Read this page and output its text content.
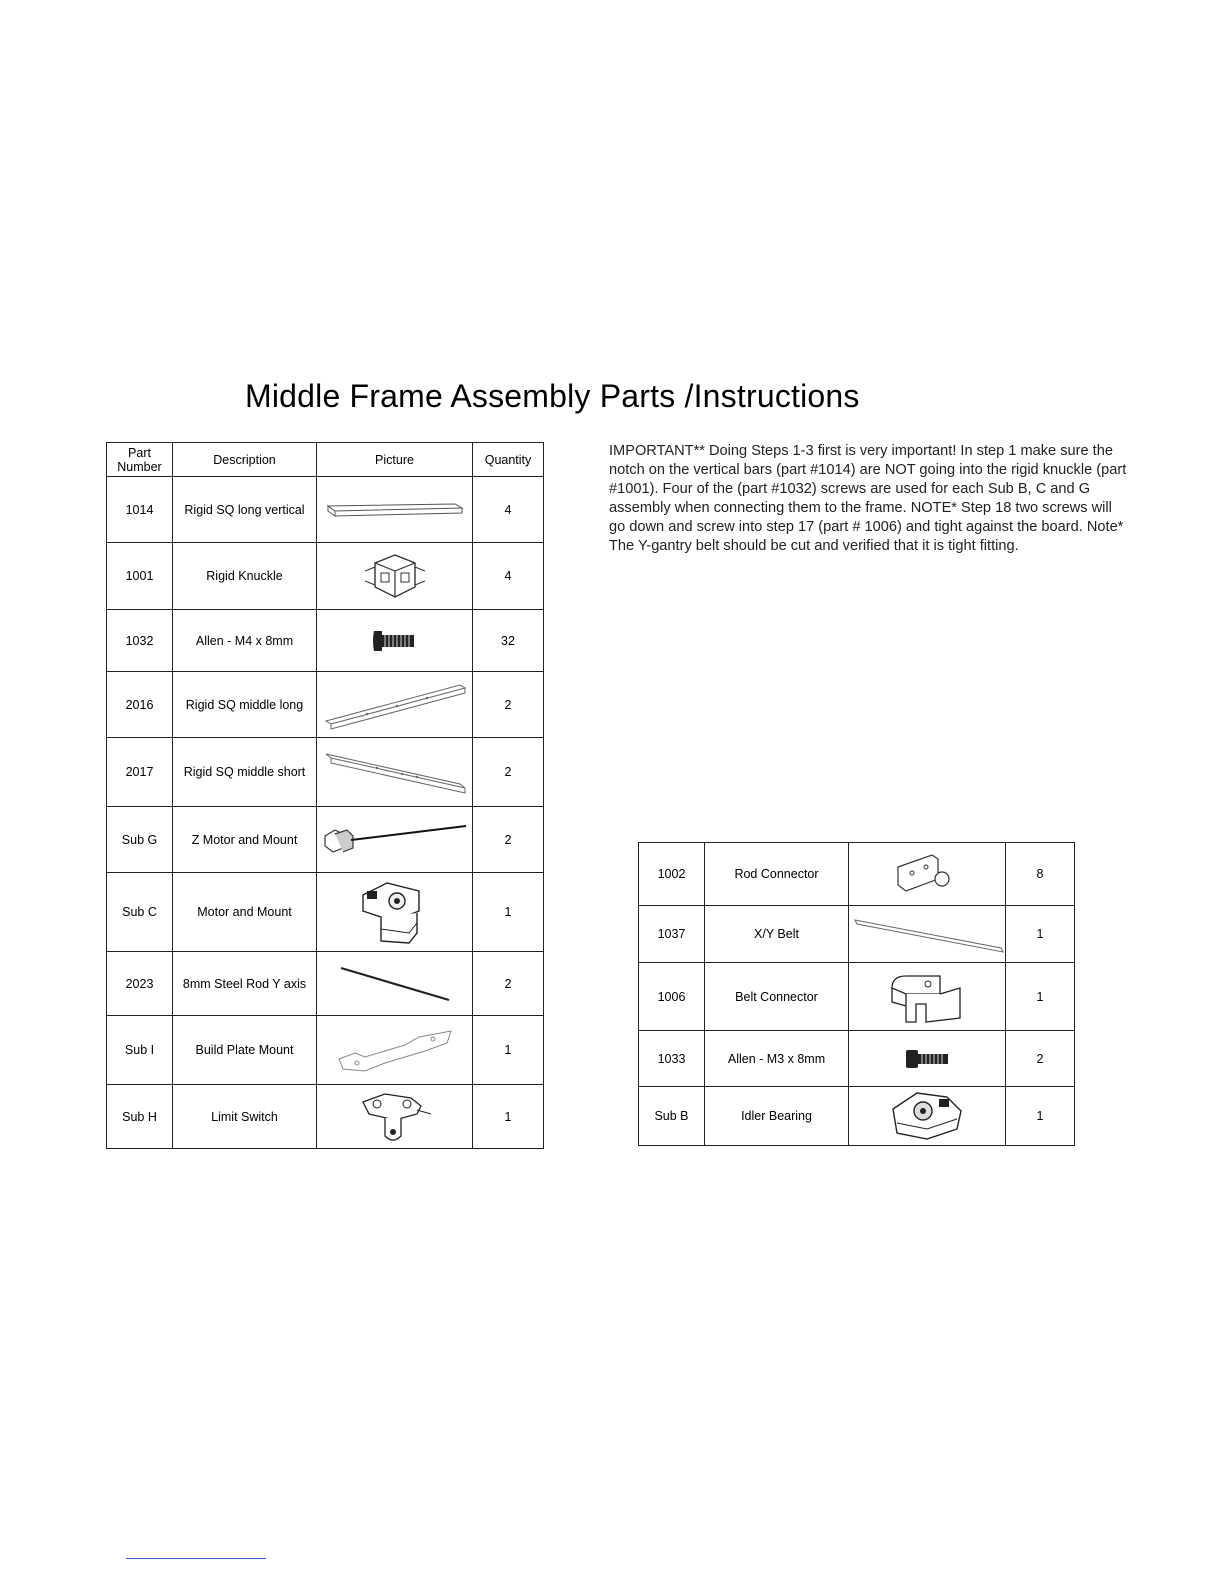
Middle Frame Assembly Parts /Instructions
Part Number	Description	Picture	Quantity
1014	Rigid SQ long vertical		4
1001	Rigid Knuckle		4
1032	Allen - M4 x 8mm		32
2016	Rigid SQ middle long		2
2017	Rigid SQ middle short		2
Sub G	Z Motor and Mount		2
Sub C	Motor and Mount		1
2023	8mm Steel Rod Y axis		2
Sub I	Build Plate Mount		1
Sub H	Limit Switch		1
IMPORTANT** Doing Steps 1-3 first is very important! In step 1 make sure the notch on the vertical bars (part #1014) are NOT going into the rigid knuckle (part #1001). Four of the (part #1032) screws are used for each Sub B, C and G assembly when connecting them to the frame. NOTE* Step 18 two screws will go down and screw into step 17 (part # 1006) and tight against the board. Note* The Y-gantry belt should be cut and verified that it is tight fitting.
1002	Rod Connector		8
1037	X/Y Belt		1
1006	Belt Connector		1
1033	Allen - M3 x 8mm		2
Sub B	Idler Bearing		1
